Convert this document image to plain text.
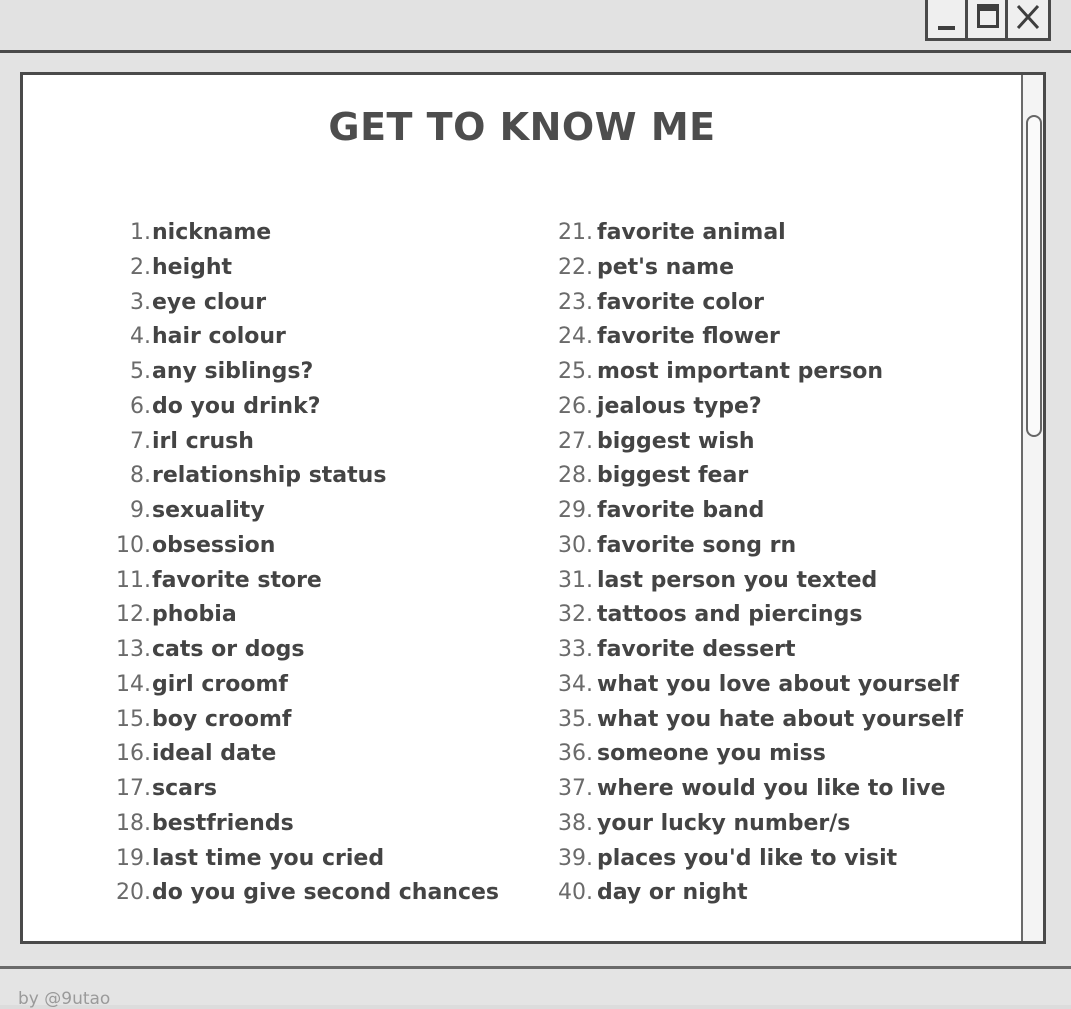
GET TO KNOW ME
1. nickname
2. height
3. eye clour
4. hair colour
5. any siblings?
6. do you drink?
7. irl crush
8. relationship status
9. sexuality
10. obsession
11. favorite store
12. phobia
13. cats or dogs
14. girl croomf
15. boy croomf
16. ideal date
17. scars
18. bestfriends
19. last time you cried
20. do you give second chances
21. favorite animal
22. pet's name
23. favorite color
24. favorite flower
25. most important person
26. jealous type?
27. biggest wish
28. biggest fear
29. favorite band
30. favorite song rn
31. last person you texted
32. tattoos and piercings
33. favorite dessert
34. what you love about yourself
35. what you hate about yourself
36. someone you miss
37. where would you like to live
38. your lucky number/s
39. places you'd like to visit
40. day or night
by @9utao
